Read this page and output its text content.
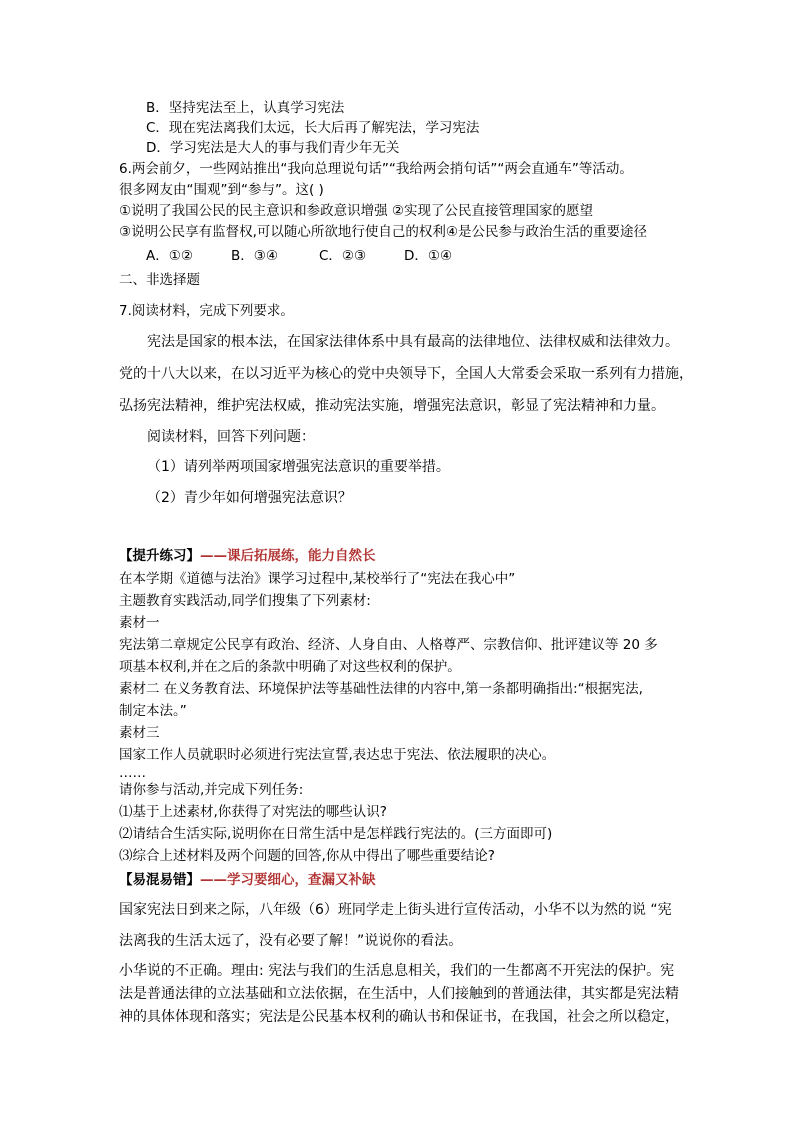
B．坚持宪法至上，认真学习宪法
C．现在宪法离我们太远，长大后再了解宪法，学习宪法
D．学习宪法是大人的事与我们青少年无关
6.两会前夕，一些网站推出“我向总理说句话”“我给两会捎句话”“两会直通车”等活动。
很多网友由“围观”到“参与”。这( )
①说明了我国公民的民主意识和参政意识增强 ②实现了公民直接管理国家的愿望
③说明公民享有监督权,可以随心所欲地行使自己的权利④是公民参与政治生活的重要途径
A．①②	B．③④	C．②③	D．①④
二、非选择题
7.阅读材料，完成下列要求。
宪法是国家的根本法，在国家法律体系中具有最高的法律地位、法律权威和法律效力。
党的十八大以来，在以习近平为核心的党中央领导下，全国人大常委会采取一系列有力措施，
弘扬宪法精神，维护宪法权威，推动宪法实施，增强宪法意识，彰显了宪法精神和力量。
阅读材料，回答下列问题：
（1）请列举两项国家增强宪法意识的重要举措。
（2）青少年如何增强宪法意识？
【提升练习】——课后拓展练，能力自然长
在本学期《道德与法治》课学习过程中,某校举行了“宪法在我心中”
主题教育实践活动,同学们搜集了下列素材:
素材一
宪法第二章规定公民享有政治、经济、人身自由、人格尊严、宗教信仰、批评建议等 20 多
项基本权利,并在之后的条款中明确了对这些权利的保护。
素材二 在义务教育法、环境保护法等基础性法律的内容中,第一条都明确指出:“根据宪法,
制定本法。”
素材三
国家工作人员就职时必须进行宪法宣誓,表达忠于宪法、依法履职的决心。
……
请你参与活动,并完成下列任务:
⑴基于上述素材,你获得了对宪法的哪些认识?
⑵请结合生活实际,说明你在日常生活中是怎样践行宪法的。(三方面即可)
⑶综合上述材料及两个问题的回答,你从中得出了哪些重要结论?
【易混易错】——学习要细心，查漏又补缺
国家宪法日到来之际，八年级（6）班同学走上街头进行宣传活动，小华不以为然的说 “宪
法离我的生活太远了，没有必要了解！”说说你的看法。
小华说的不正确。理由: 宪法与我们的生活息息相关，我们的一生都离不开宪法的保护。宪
法是普通法律的立法基础和立法依据，在生活中，人们接触到的普通法律，其实都是宪法精
神的具体体现和落实；宪法是公民基本权利的确认书和保证书，在我国，社会之所以稳定，
